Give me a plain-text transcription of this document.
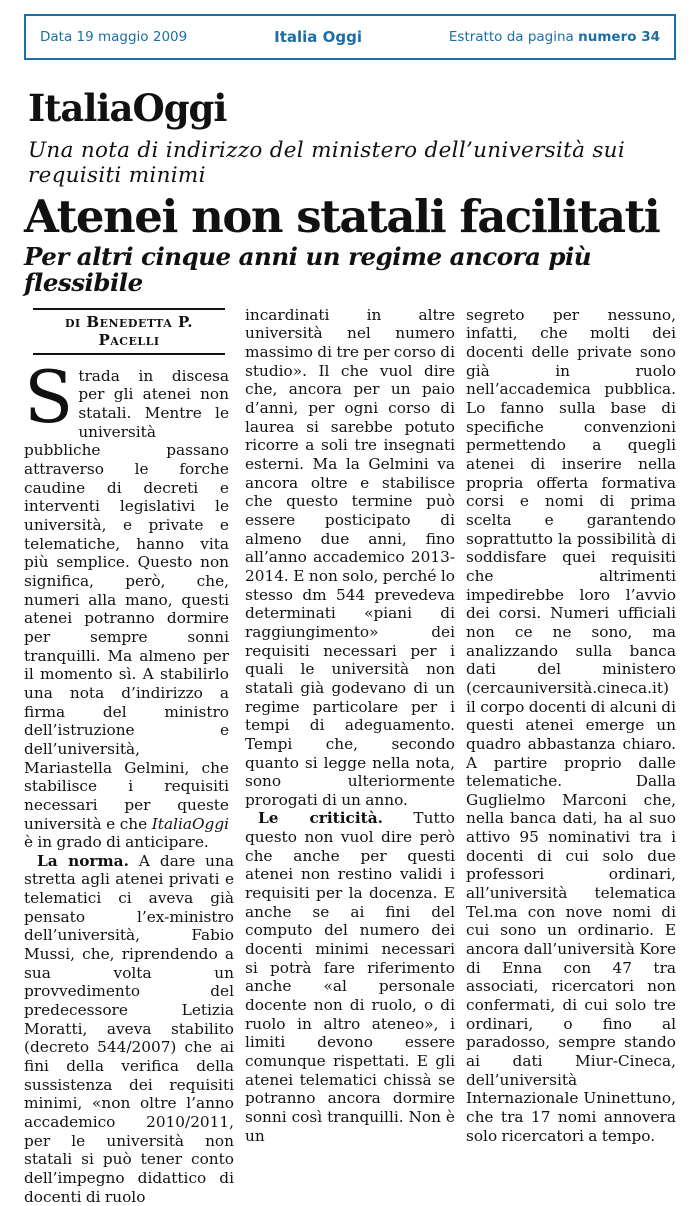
Data 19 maggio 2009	Italia Oggi	Estratto da pagina numero 34
ItaliaOggi
Una nota di indirizzo del ministero dell’università sui requisiti minimi
Atenei non statali facilitati
Per altri cinque anni un regime ancora più flessibile
di Benedetta P. Pacelli

Strada in discesa per gli atenei non statali. Mentre le università pubbliche passano attraverso le forche caudine di decreti e interventi legislativi le università, e private e telematiche, hanno vita più semplice. Questo non significa, però, che, numeri alla mano, questi atenei potranno dormire per sempre sonni tranquilli. Ma almeno per il momento sì. A stabilirlo una nota d’indirizzo a firma del ministro dell’istruzione e dell’università, Mariastella Gelmini, che stabilisce i requisiti necessari per queste università e che ItaliaOggi è in grado di anticipare.

La norma. A dare una stretta agli atenei privati e telematici ci aveva già pensato l’ex-ministro dell’università, Fabio Mussi, che, riprendendo a sua volta un provvedimento del predecessore Letizia Moratti, aveva stabilito (decreto 544/2007) che ai fini della verifica della sussistenza dei requisiti minimi, «non oltre l’anno accademico 2010/2011, per le università non statali si può tener conto dell’impegno didattico di docenti di ruolo

incardinati in altre università nel numero massimo di tre per corso di studio». Il che vuol dire che, ancora per un paio d’anni, per ogni corso di laurea si sarebbe potuto ricorre a soli tre insegnati esterni. Ma la Gelmini va ancora oltre e stabilisce che questo termine può essere posticipato di almeno due anni, fino all’anno accademico 2013-2014. E non solo, perché lo stesso dm 544 prevedeva determinati «piani di raggiungimento» dei requisiti necessari per i quali le università non statali già godevano di un regime particolare per i tempi di adeguamento. Tempi che, secondo quanto si legge nella nota, sono ulteriormente prorogati di un anno.

Le criticità. Tutto questo non vuol dire però che anche per questi atenei non restino validi i requisiti per la docenza. E anche se ai fini del computo del numero dei docenti minimi necessari si potrà fare riferimento anche «al personale docente non di ruolo, o di ruolo in altro ateneo», i limiti devono essere comunque rispettati. E gli atenei telematici chissà se potranno ancora dormire sonni così tranquilli. Non è un

segreto per nessuno, infatti, che molti dei docenti delle private sono già in ruolo nell’accademica pubblica. Lo fanno sulla base di specifiche convenzioni permettendo a quegli atenei di inserire nella propria offerta formativa corsi e nomi di prima scelta e garantendo soprattutto la possibilità di soddisfare quei requisiti che altrimenti impedirebbe loro l’avvio dei corsi. Numeri ufficiali non ce ne sono, ma analizzando sulla banca dati del ministero (cercauniversità.cineca.it) il corpo docenti di alcuni di questi atenei emerge un quadro abbastanza chiaro. A partire proprio dalle telematiche. Dalla Guglielmo Marconi che, nella banca dati, ha al suo attivo 95 nominativi tra i docenti di cui solo due professori ordinari, all’università telematica Tel.ma con nove nomi di cui sono un ordinario. E ancora dall’università Kore di Enna con 47 tra associati, ricercatori non confermati, di cui solo tre ordinari, o fino al paradosso, sempre stando ai dati Miur-Cineca, dell’università Internazionale Uninettuno, che tra 17 nomi annovera solo ricercatori a tempo.
